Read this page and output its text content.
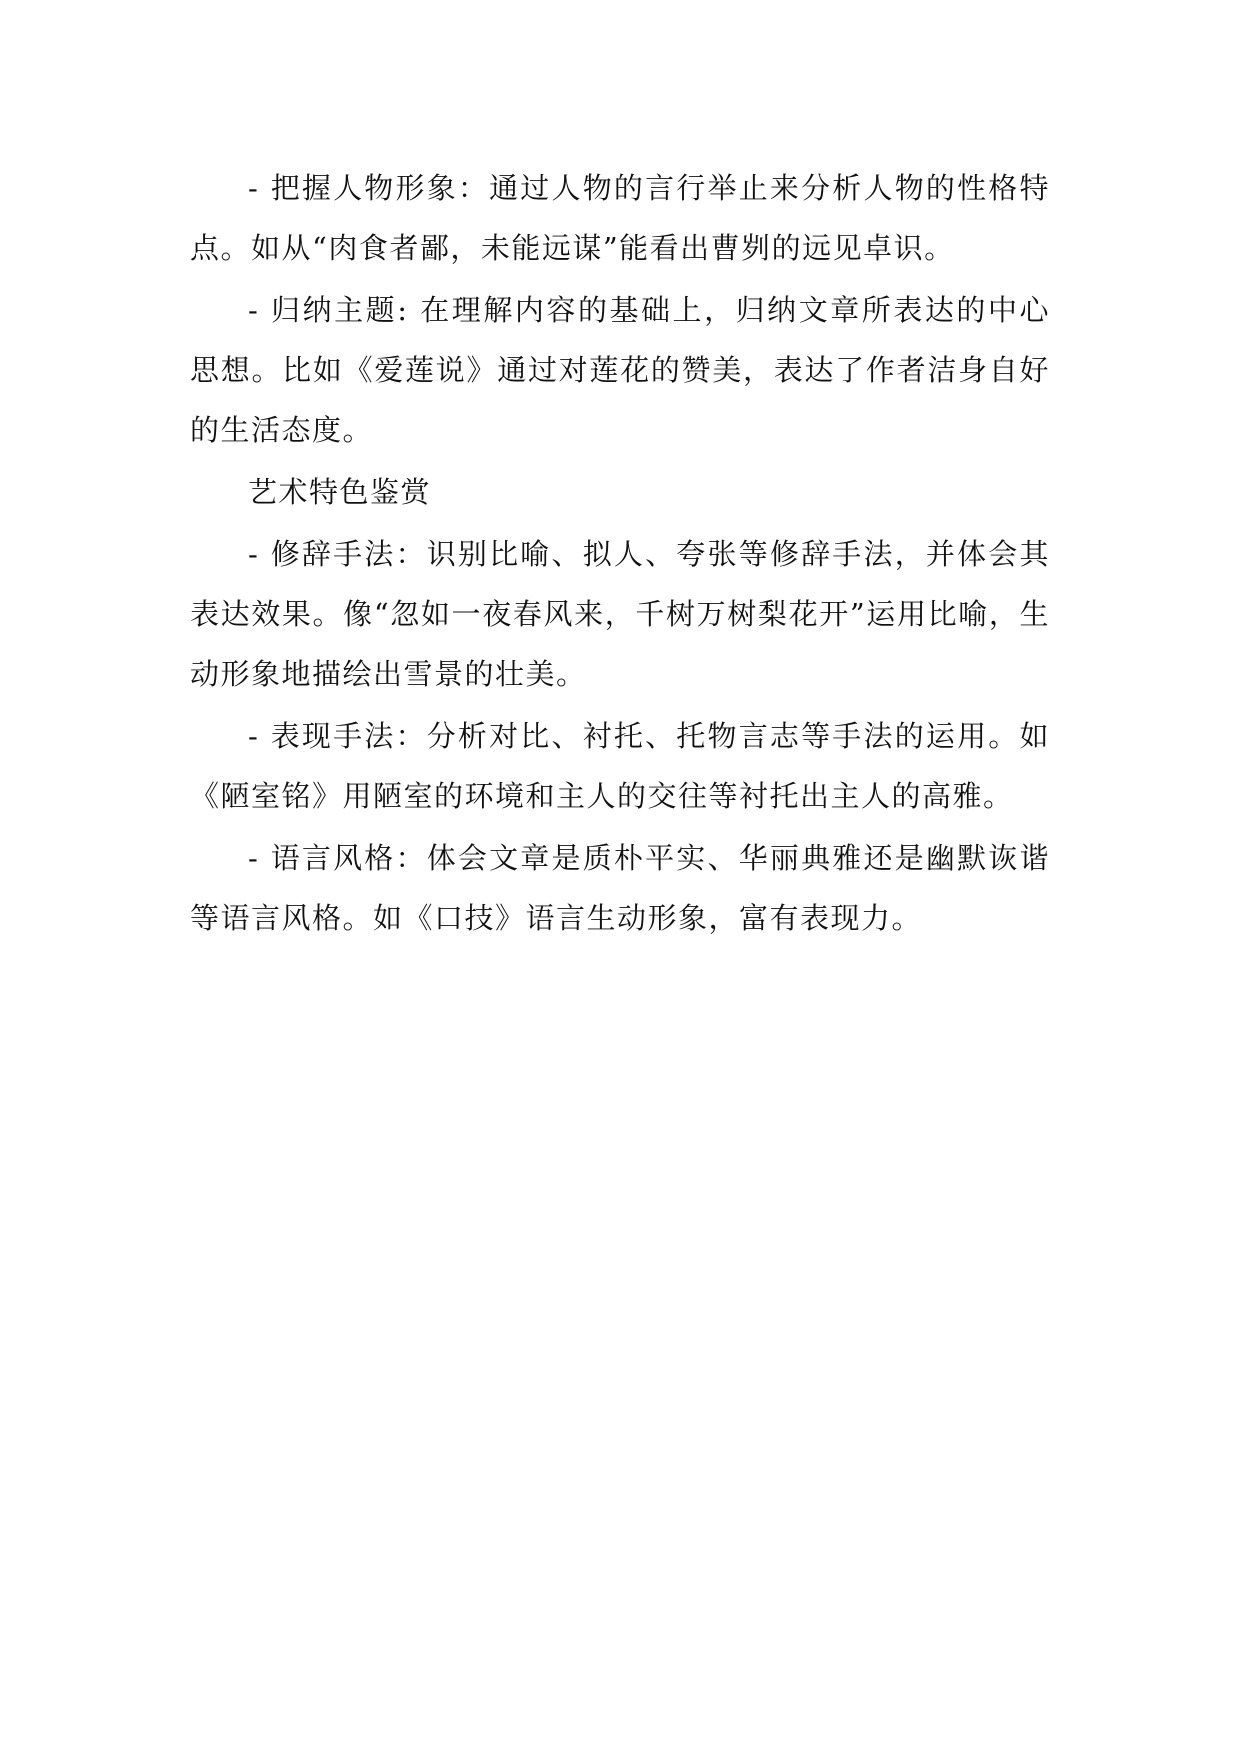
- 把握人物形象：通过人物的言行举止来分析人物的性格特点。如从“肉食者鄙，未能远谋”能看出曹刿的远见卓识。

- 归纳主题: 在理解内容的基础上，归纳文章所表达的中心思想。比如《爱莲说》通过对莲花的赞美，表达了作者洁身自好的生活态度。

艺术特色鉴赏

- 修辞手法：识别比喻、拟人、夸张等修辞手法，并体会其表达效果。像“忽如一夜春风来，千树万树梨花开”运用比喻，生动形象地描绘出雪景的壮美。

- 表现手法：分析对比、衬托、托物言志等手法的运用。如《陋室铭》用陋室的环境和主人的交往等衬托出主人的高雅。

- 语言风格：体会文章是质朴平实、华丽典雅还是幽默诙谐等语言风格。如《口技》语言生动形象，富有表现力。
